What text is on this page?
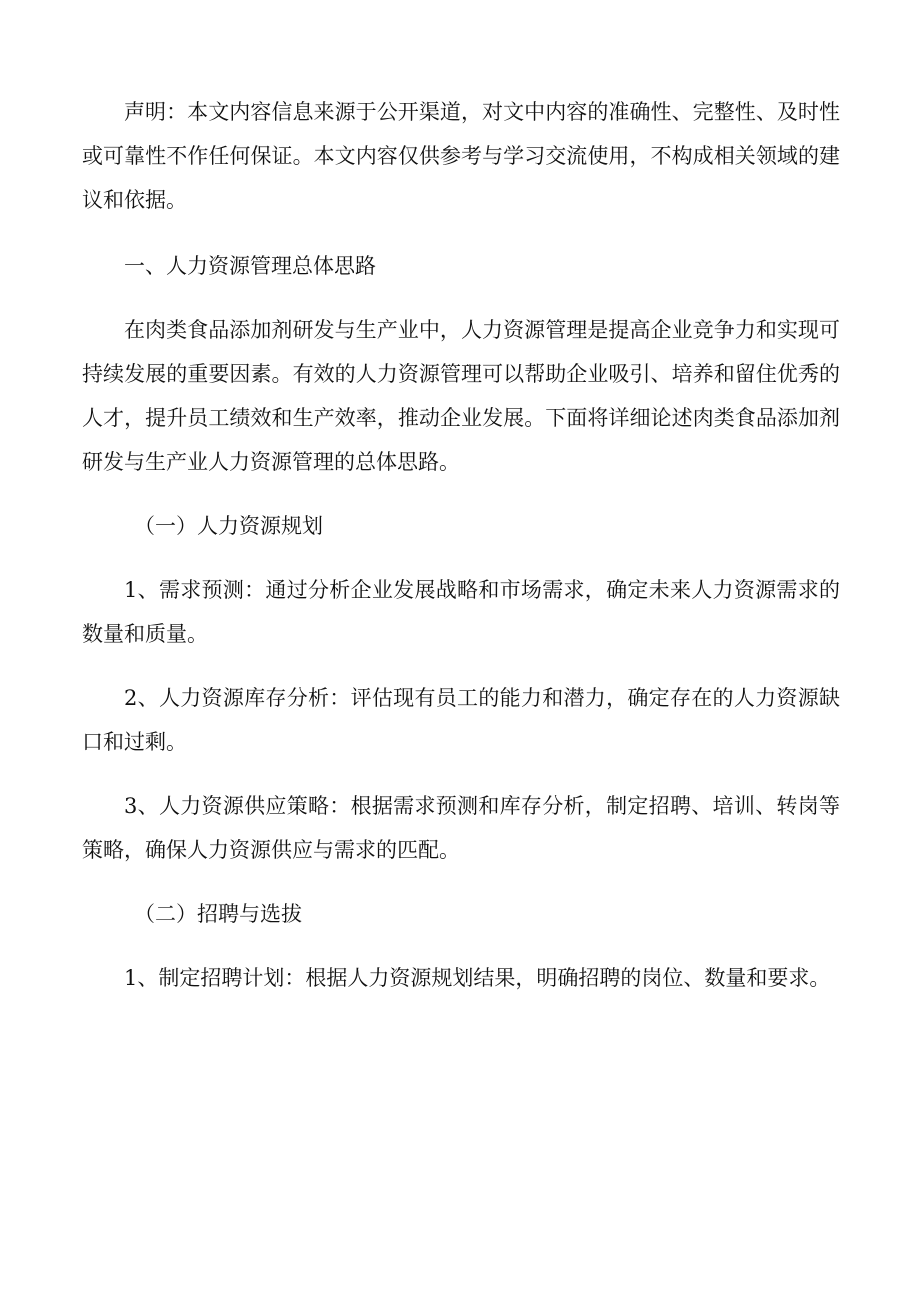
声明：本文内容信息来源于公开渠道，对文中内容的准确性、完整性、及时性或可靠性不作任何保证。本文内容仅供参考与学习交流使用，不构成相关领域的建议和依据。

一、人力资源管理总体思路

在肉类食品添加剂研发与生产业中，人力资源管理是提高企业竞争力和实现可持续发展的重要因素。有效的人力资源管理可以帮助企业吸引、培养和留住优秀的人才，提升员工绩效和生产效率，推动企业发展。下面将详细论述肉类食品添加剂研发与生产业人力资源管理的总体思路。

（一）人力资源规划

1、需求预测：通过分析企业发展战略和市场需求，确定未来人力资源需求的数量和质量。

2、人力资源库存分析：评估现有员工的能力和潜力，确定存在的人力资源缺口和过剩。

3、人力资源供应策略：根据需求预测和库存分析，制定招聘、培训、转岗等策略，确保人力资源供应与需求的匹配。

（二）招聘与选拔

1、制定招聘计划：根据人力资源规划结果，明确招聘的岗位、数量和要求。
